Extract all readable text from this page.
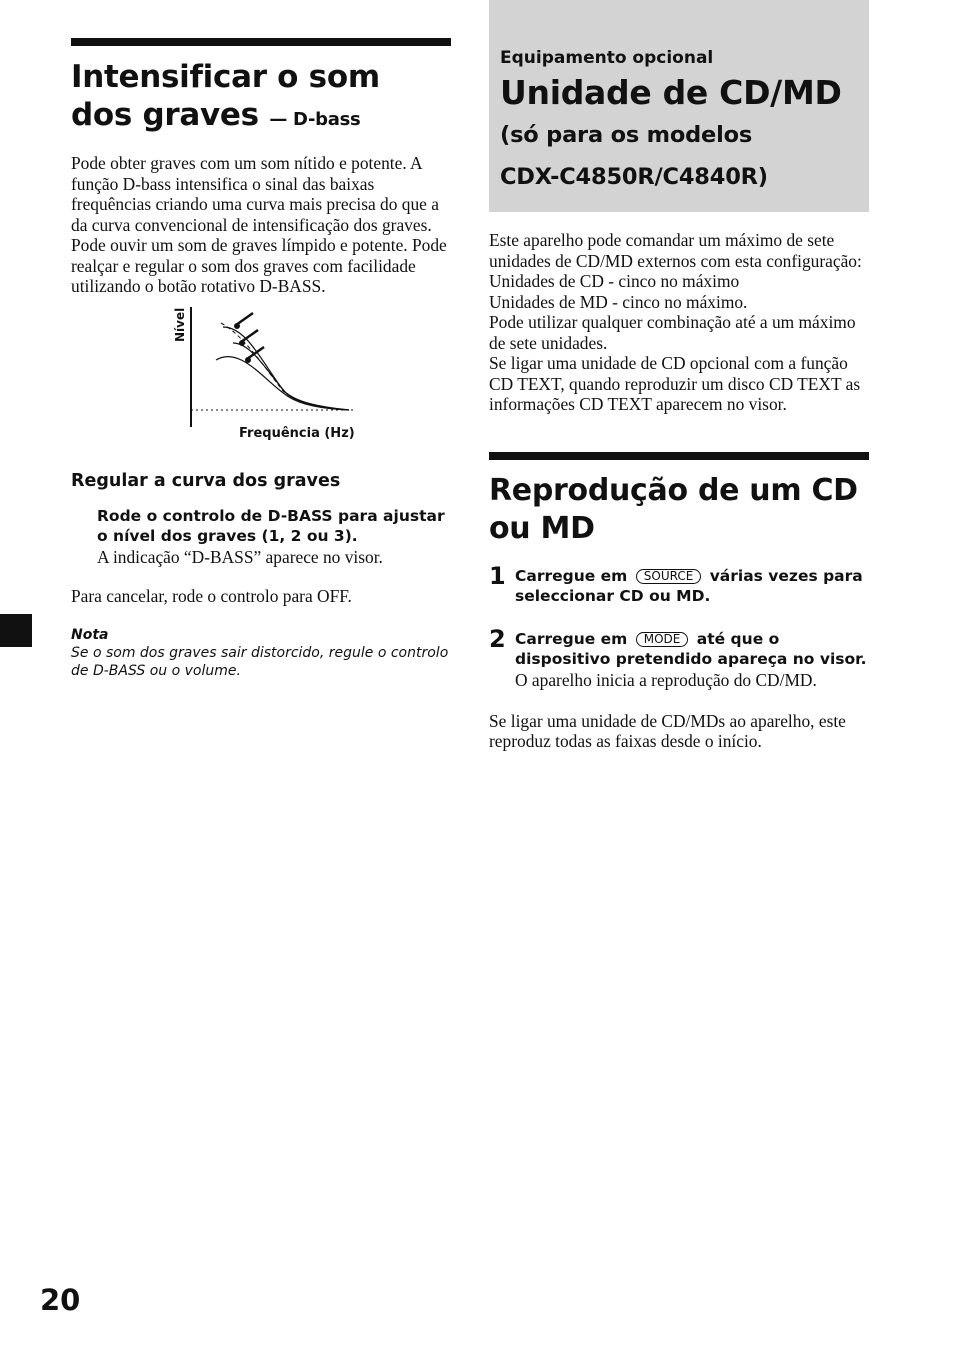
Intensificar o som dos graves — D-bass

Pode obter graves com um som nítido e potente. A função D-bass intensifica o sinal das baixas frequências criando uma curva mais precisa do que a da curva convencional de intensificação dos graves.

Pode ouvir um som de graves límpido e potente. Pode realçar e regular o som dos graves com facilidade utilizando o botão rotativo D-BASS.

Nível
Frequência (Hz)
Regular a curva dos graves
Rode o controlo de D-BASS para ajustar o nível dos graves (1, 2 ou 3).
A indicação “D-BASS” aparece no visor.

Para cancelar, rode o controlo para OFF.

Nota
Se o som dos graves sair distorcido, regule o controlo de D-BASS ou o volume.
Equipamento opcional
Unidade de CD/MD
(só para os modelos
CDX-C4850R/C4840R)

Este aparelho pode comandar um máximo de sete unidades de CD/MD externos com esta configuração:

Unidades de CD - cinco no máximo

Unidades de MD - cinco no máximo.

Pode utilizar qualquer combinação até a um máximo de sete unidades.

Se ligar uma unidade de CD opcional com a função CD TEXT, quando reproduzir um disco CD TEXT as informações CD TEXT aparecem no visor.

Reprodução de um CD ou MD
1 Carregue em SOURCE várias vezes para seleccionar CD ou MD.
2 Carregue em MODE até que o dispositivo pretendido apareça no visor.
O aparelho inicia a reprodução do CD/MD.

Se ligar uma unidade de CD/MDs ao aparelho, este reproduz todas as faixas desde o início.

20
